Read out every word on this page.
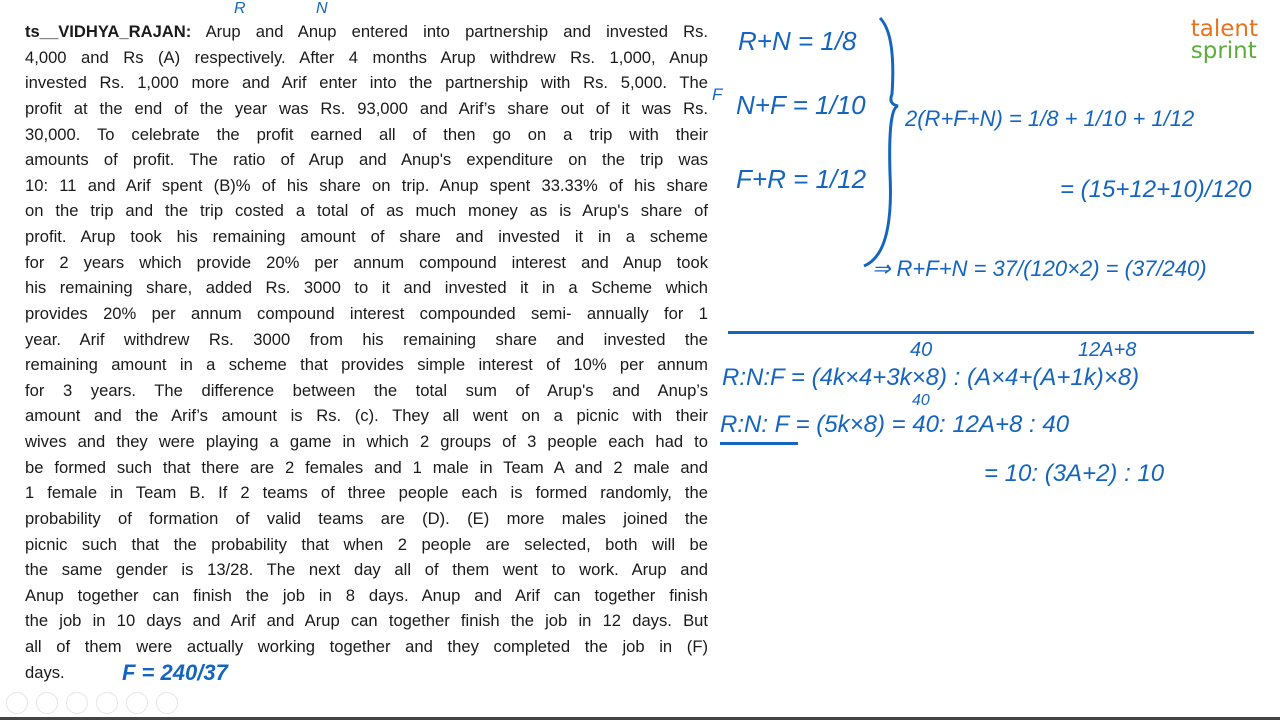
ts__VIDHYA_RAJAN: Arup and Anup entered into partnership and invested Rs.
4,000 and Rs (A) respectively. After 4 months Arup withdrew Rs. 1,000, Anup
invested Rs. 1,000 more and Arif enter into the partnership with Rs. 5,000. The
profit at the end of the year was Rs. 93,000 and Arif’s share out of it was Rs.
30,000. To celebrate the profit earned all of then go on a trip with their
amounts of profit. The ratio of Arup and Anup's expenditure on the trip was
10: 11 and Arif spent (B)% of his share on trip. Anup spent 33.33% of his share
on the trip and the trip costed a total of as much money as is Arup's share of
profit. Arup took his remaining amount of share and invested it in a scheme
for 2 years which provide 20% per annum compound interest and Anup took
his remaining share, added Rs. 3000 to it and invested it in a Scheme which
provides 20% per annum compound interest compounded semi- annually for 1
year. Arif withdrew Rs. 3000 from his remaining share and invested the
remaining amount in a scheme that provides simple interest of 10% per annum
for 3 years. The difference between the total sum of Arup's and Anup’s
amount and the Arif’s amount is Rs. (c). They all went on a picnic with their
wives and they were playing a game in which 2 groups of 3 people each had to
be formed such that there are 2 females and 1 male in Team A and 2 male and
1 female in Team B. If 2 teams of three people each is formed randomly, the
probability of formation of valid teams are (D). (E) more males joined the
picnic such that the probability that when 2 people are selected, both will be
the same gender is 13/28. The next day all of them went to work. Arup and
Anup together can finish the job in 8 days. Anup and Arif can together finish
the job in 10 days and Arif and Arup can together finish the job in 12 days. But
all of them were actually working together and they completed the job in (F)
days.
R	N
F
F = 240/37
R+N = 1/8
N+F = 1/10
F+R = 1/12
2(R+F+N) = 1/8 + 1/10 + 1/12
= (15+12+10)/120
⇒ R+F+N = 37/(120×2) = (37/240)
40	12A+8
R:N:F = (4k×4+3k×8) : (A×4+(A+1k)×8)
40
R:N: F = (5k×8) = 40: 12A+8 : 40
= 10: (3A+2) : 10
talent
sprint
